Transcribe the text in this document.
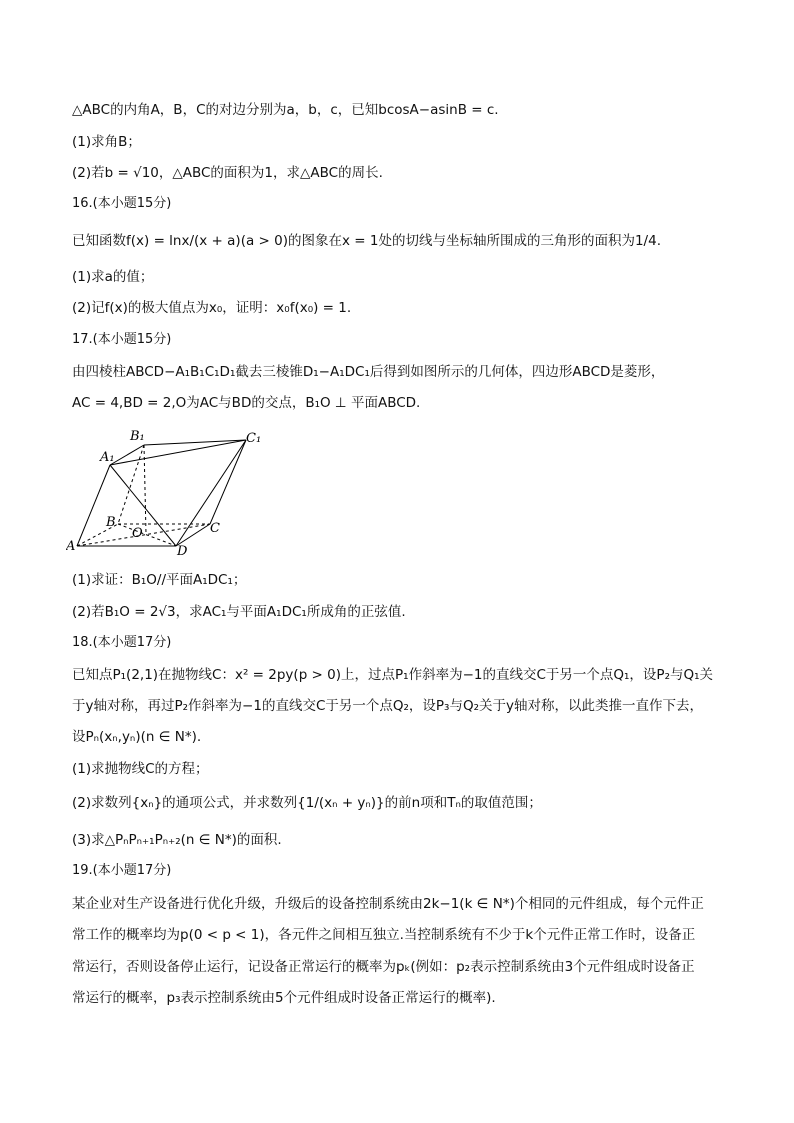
△ABC的内角A，B，C的对边分别为a，b，c，已知bcosA−asinB = c.
(1)求角B；
(2)若b = √10，△ABC的面积为1，求△ABC的周长.
16.(本小题15分)
已知函数f(x) = lnx/(x + a)(a > 0)的图象在x = 1处的切线与坐标轴所围成的三角形的面积为1/4.
(1)求a的值；
(2)记f(x)的极大值点为x₀，证明：x₀f(x₀) = 1.
17.(本小题15分)
由四棱柱ABCD−A₁B₁C₁D₁截去三棱锥D₁−A₁DC₁后得到如图所示的几何体，四边形ABCD是菱形，
AC = 4,BD = 2,O为AC与BD的交点，B₁O ⊥ 平面ABCD.
B₁	C₁
A₁
B
O	C
A	D
(1)求证：B₁O//平面A₁DC₁；
(2)若B₁O = 2√3，求AC₁与平面A₁DC₁所成角的正弦值.
18.(本小题17分)
已知点P₁(2,1)在抛物线C：x² = 2py(p > 0)上，过点P₁作斜率为−1的直线交C于另一个点Q₁，设P₂与Q₁关
于y轴对称，再过P₂作斜率为−1的直线交C于另一个点Q₂，设P₃与Q₂关于y轴对称，以此类推一直作下去，
设Pₙ(xₙ,yₙ)(n ∈ N*).
(1)求抛物线C的方程；
(2)求数列{xₙ}的通项公式，并求数列{1/(xₙ + yₙ)}的前n项和Tₙ的取值范围；
(3)求△PₙPₙ₊₁Pₙ₊₂(n ∈ N*)的面积.
19.(本小题17分)
某企业对生产设备进行优化升级，升级后的设备控制系统由2k−1(k ∈ N*)个相同的元件组成，每个元件正
常工作的概率均为p(0 < p < 1)，各元件之间相互独立.当控制系统有不少于k个元件正常工作时，设备正
常运行，否则设备停止运行，记设备正常运行的概率为pₖ(例如：p₂表示控制系统由3个元件组成时设备正
常运行的概率，p₃表示控制系统由5个元件组成时设备正常运行的概率).
